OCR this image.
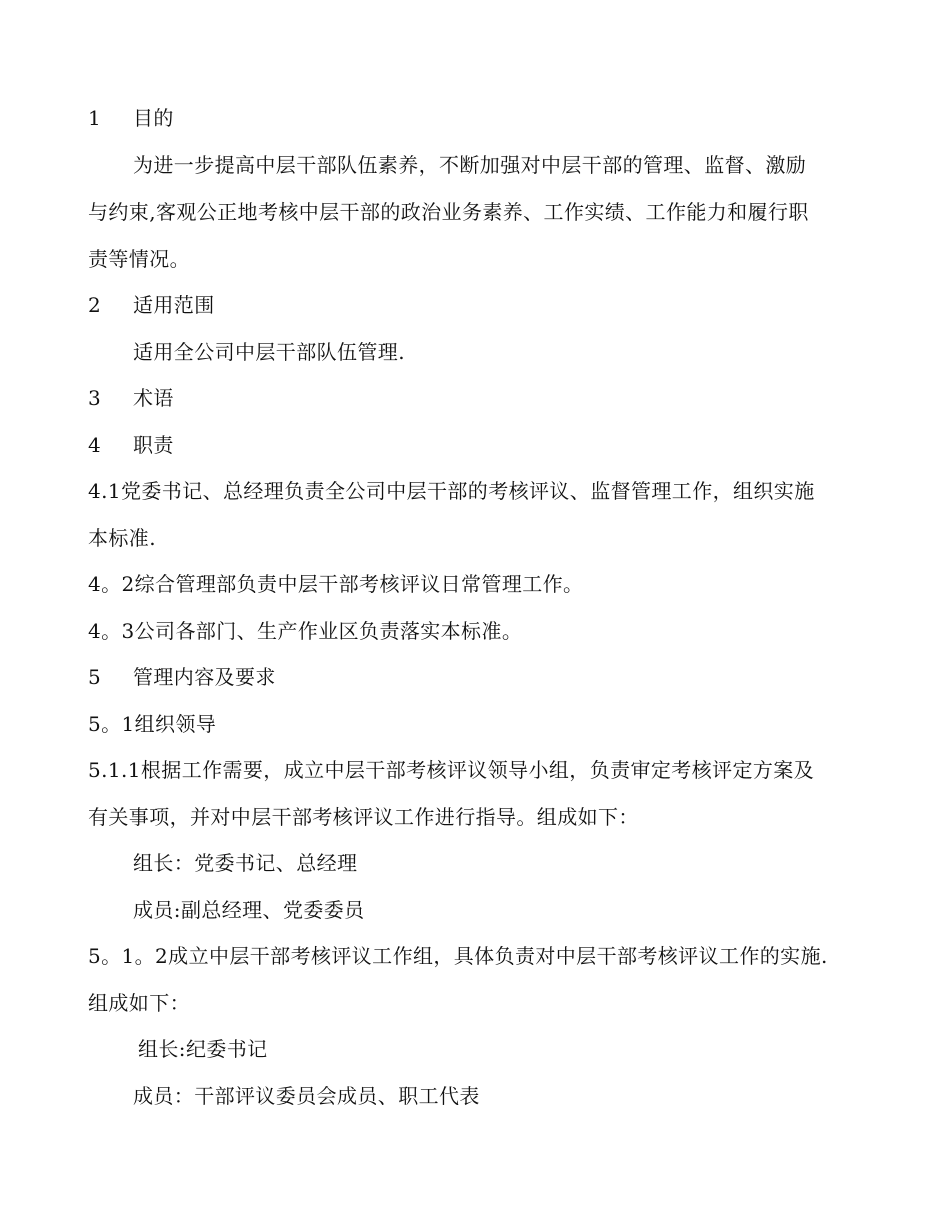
1 目的
为进一步提高中层干部队伍素养，不断加强对中层干部的管理、监督、激励
与约束,客观公正地考核中层干部的政治业务素养、工作实绩、工作能力和履行职
责等情况。
2 适用范围
适用全公司中层干部队伍管理.
3 术语
4 职责
4.1党委书记、总经理负责全公司中层干部的考核评议、监督管理工作，组织实施
本标准.
4。2综合管理部负责中层干部考核评议日常管理工作。
4。3公司各部门、生产作业区负责落实本标准。
5 管理内容及要求
5。1组织领导
5.1.1根据工作需要，成立中层干部考核评议领导小组，负责审定考核评定方案及
有关事项，并对中层干部考核评议工作进行指导。组成如下：
组长：党委书记、总经理
成员:副总经理、党委委员
5。1。2成立中层干部考核评议工作组，具体负责对中层干部考核评议工作的实施.
组成如下：
组长:纪委书记
成员：干部评议委员会成员、职工代表
